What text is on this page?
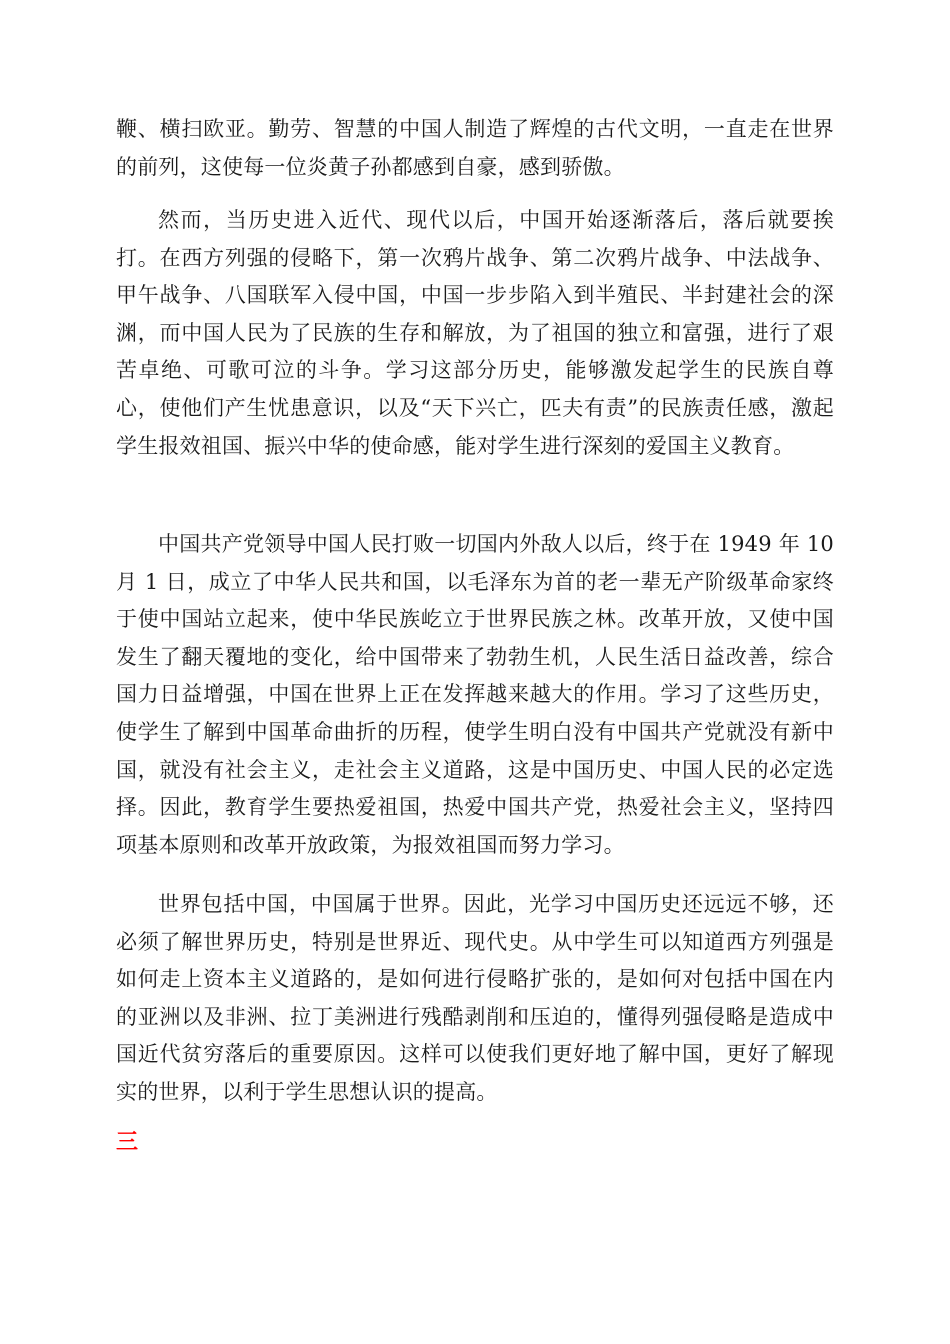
鞭、横扫欧亚。勤劳、智慧的中国人制造了辉煌的古代文明，一直走在世界的前列，这使每一位炎黄子孙都感到自豪，感到骄傲。

然而，当历史进入近代、现代以后，中国开始逐渐落后，落后就要挨打。在西方列强的侵略下，第一次鸦片战争、第二次鸦片战争、中法战争、甲午战争、八国联军入侵中国，中国一步步陷入到半殖民、半封建社会的深渊，而中国人民为了民族的生存和解放，为了祖国的独立和富强，进行了艰苦卓绝、可歌可泣的斗争。学习这部分历史，能够激发起学生的民族自尊心，使他们产生忧患意识，以及“天下兴亡，匹夫有责”的民族责任感，激起学生报效祖国、振兴中华的使命感，能对学生进行深刻的爱国主义教育。

中国共产党领导中国人民打败一切国内外敌人以后，终于在 1949 年 10 月 1 日，成立了中华人民共和国，以毛泽东为首的老一辈无产阶级革命家终于使中国站立起来，使中华民族屹立于世界民族之林。改革开放，又使中国发生了翻天覆地的变化，给中国带来了勃勃生机，人民生活日益改善，综合国力日益增强，中国在世界上正在发挥越来越大的作用。学习了这些历史，使学生了解到中国革命曲折的历程，使学生明白没有中国共产党就没有新中国，就没有社会主义，走社会主义道路，这是中国历史、中国人民的必定选择。因此，教育学生要热爱祖国，热爱中国共产党，热爱社会主义，坚持四项基本原则和改革开放政策，为报效祖国而努力学习。

世界包括中国，中国属于世界。因此，光学习中国历史还远远不够，还必须了解世界历史，特别是世界近、现代史。从中学生可以知道西方列强是如何走上资本主义道路的，是如何进行侵略扩张的，是如何对包括中国在内的亚洲以及非洲、拉丁美洲进行残酷剥削和压迫的，懂得列强侵略是造成中国近代贫穷落后的重要原因。这样可以使我们更好地了解中国，更好了解现实的世界，以利于学生思想认识的提高。

三
